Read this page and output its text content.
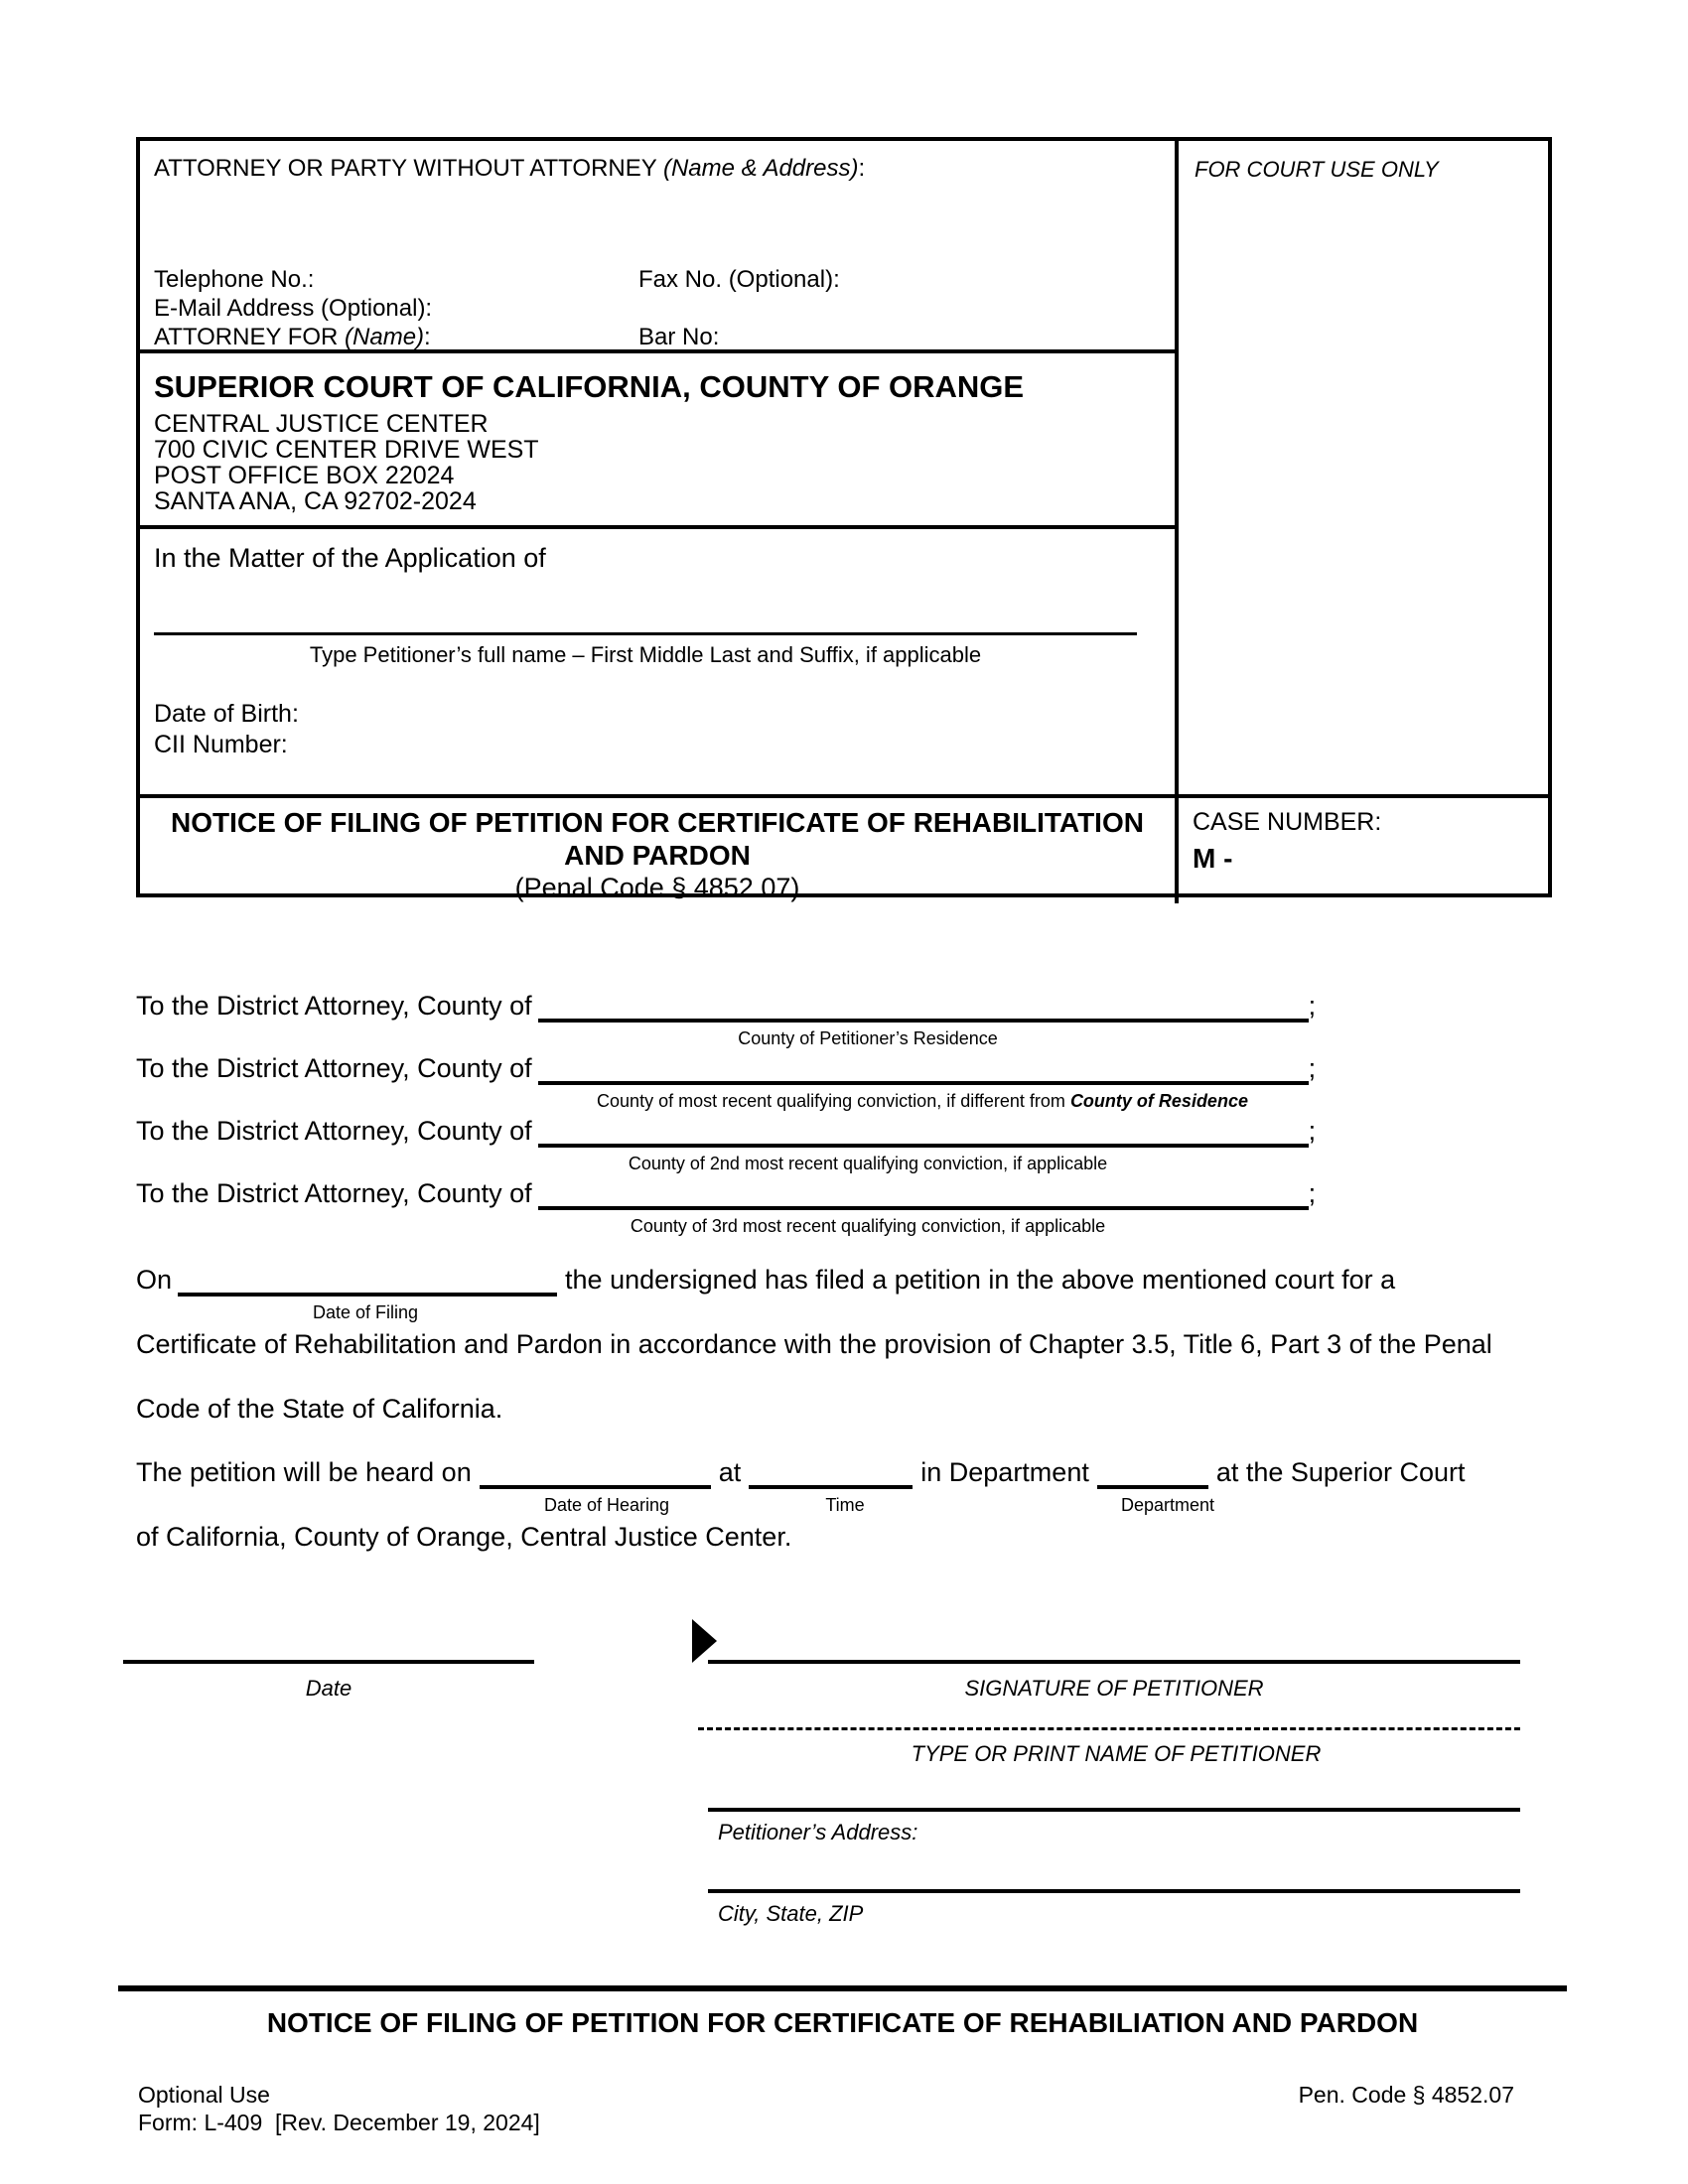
ATTORNEY OR PARTY WITHOUT ATTORNEY (Name & Address):
Telephone No.:	Fax No. (Optional):
E-Mail Address (Optional):
ATTORNEY FOR (Name):	Bar No:
SUPERIOR COURT OF CALIFORNIA, COUNTY OF ORANGE
CENTRAL JUSTICE CENTER
700 CIVIC CENTER DRIVE WEST
POST OFFICE BOX 22024
SANTA ANA, CA 92702-2024
In the Matter of the Application of
Type Petitioner’s full name – First Middle Last and Suffix, if applicable
Date of Birth:
CII Number:
FOR COURT USE ONLY
NOTICE OF FILING OF PETITION FOR CERTIFICATE OF REHABILITATION
AND PARDON
(Penal Code § 4852.07)
CASE NUMBER:
M -
To the District Attorney, County of	;
County of Petitioner’s Residence
To the District Attorney, County of	;
County of most recent qualifying conviction, if different from County of Residence
To the District Attorney, County of	;
County of 2nd most recent qualifying conviction, if applicable
To the District Attorney, County of	;
County of 3rd most recent qualifying conviction, if applicable
On	the undersigned has filed a petition in the above mentioned court for a
Date of Filing
Certificate of Rehabilitation and Pardon in accordance with the provision of Chapter 3.5, Title 6, Part 3 of the Penal
Code of the State of California.
The petition will be heard on	at	in Department	at the Superior Court
Date of Hearing	Time	Department
of California, County of Orange, Central Justice Center.
Date	SIGNATURE OF PETITIONER
TYPE OR PRINT NAME OF PETITIONER
Petitioner’s Address:
City, State, ZIP
NOTICE OF FILING OF PETITION FOR CERTIFICATE OF REHABILIATION AND PARDON
Optional Use
Form: L-409  [Rev. December 19, 2024]
Pen. Code § 4852.07
